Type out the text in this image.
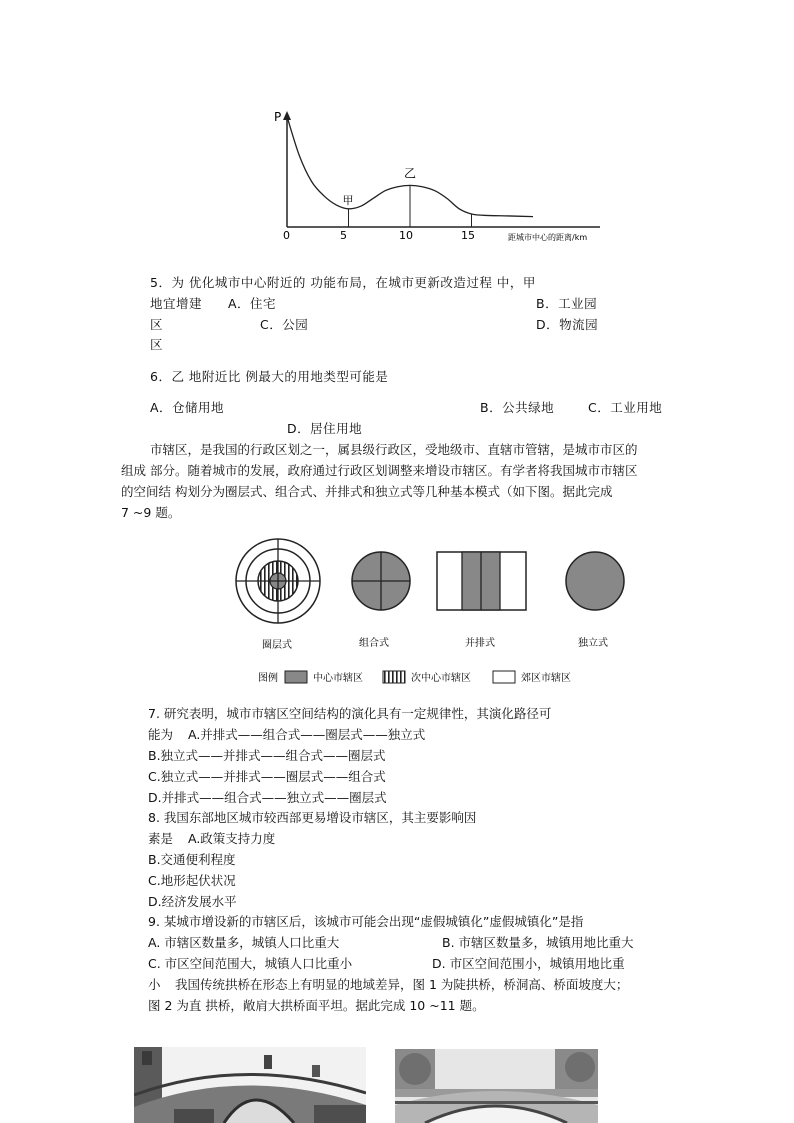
P
甲
乙
0	5	10	15	距城市中心的距离/km
5．为 优化城市中心附近的 功能布局，在城市更新改造过程 中，甲
地宜增建 A．住宅	B．工业园
区	C．公园	D．物流园
区
6．乙 地附近比 例最大的用地类型可能是
A．仓储用地	B．公共绿地	C．工业用地
D．居住用地
市辖区，是我国的行政区划之一，属县级行政区，受地级市、直辖市管辖，是城市市区的
组成 部分。随着城市的发展，政府通过行政区划调整来增设市辖区。有学者将我国城市市辖区
的空间结 构划分为圈层式、组合式、并排式和独立式等几种基本模式（如下图。据此完成
7 ~9 题。
圈层式	组合式	并排式	独立式
图例	中心市辖区	次中心市辖区	郊区市辖区
7. 研究表明，城市市辖区空间结构的演化具有一定规律性，其演化路径可
能为 A.并排式——组合式——圈层式——独立式
B.独立式——并排式——组合式——圈层式
C.独立式——并排式——圈层式——组合式
D.并排式——组合式——独立式——圈层式
8. 我国东部地区城市较西部更易增设市辖区，其主要影响因
素是 A.政策支持力度
B.交通便利程度
C.地形起伏状况
D.经济发展水平
9. 某城市增设新的市辖区后，该城市可能会出现“虚假城镇化”虚假城镇化”是指
A. 市辖区数量多，城镇人口比重大	B. 市辖区数量多，城镇用地比重大
C. 市区空间范围大，城镇人口比重小	D. 市区空间范围小，城镇用地比重
小 我国传统拱桥在形态上有明显的地域差异，图 1 为陡拱桥，桥洞高、桥面坡度大；
图 2 为直 拱桥，敞肩大拱桥面平坦。据此完成 10 ~11 题。
